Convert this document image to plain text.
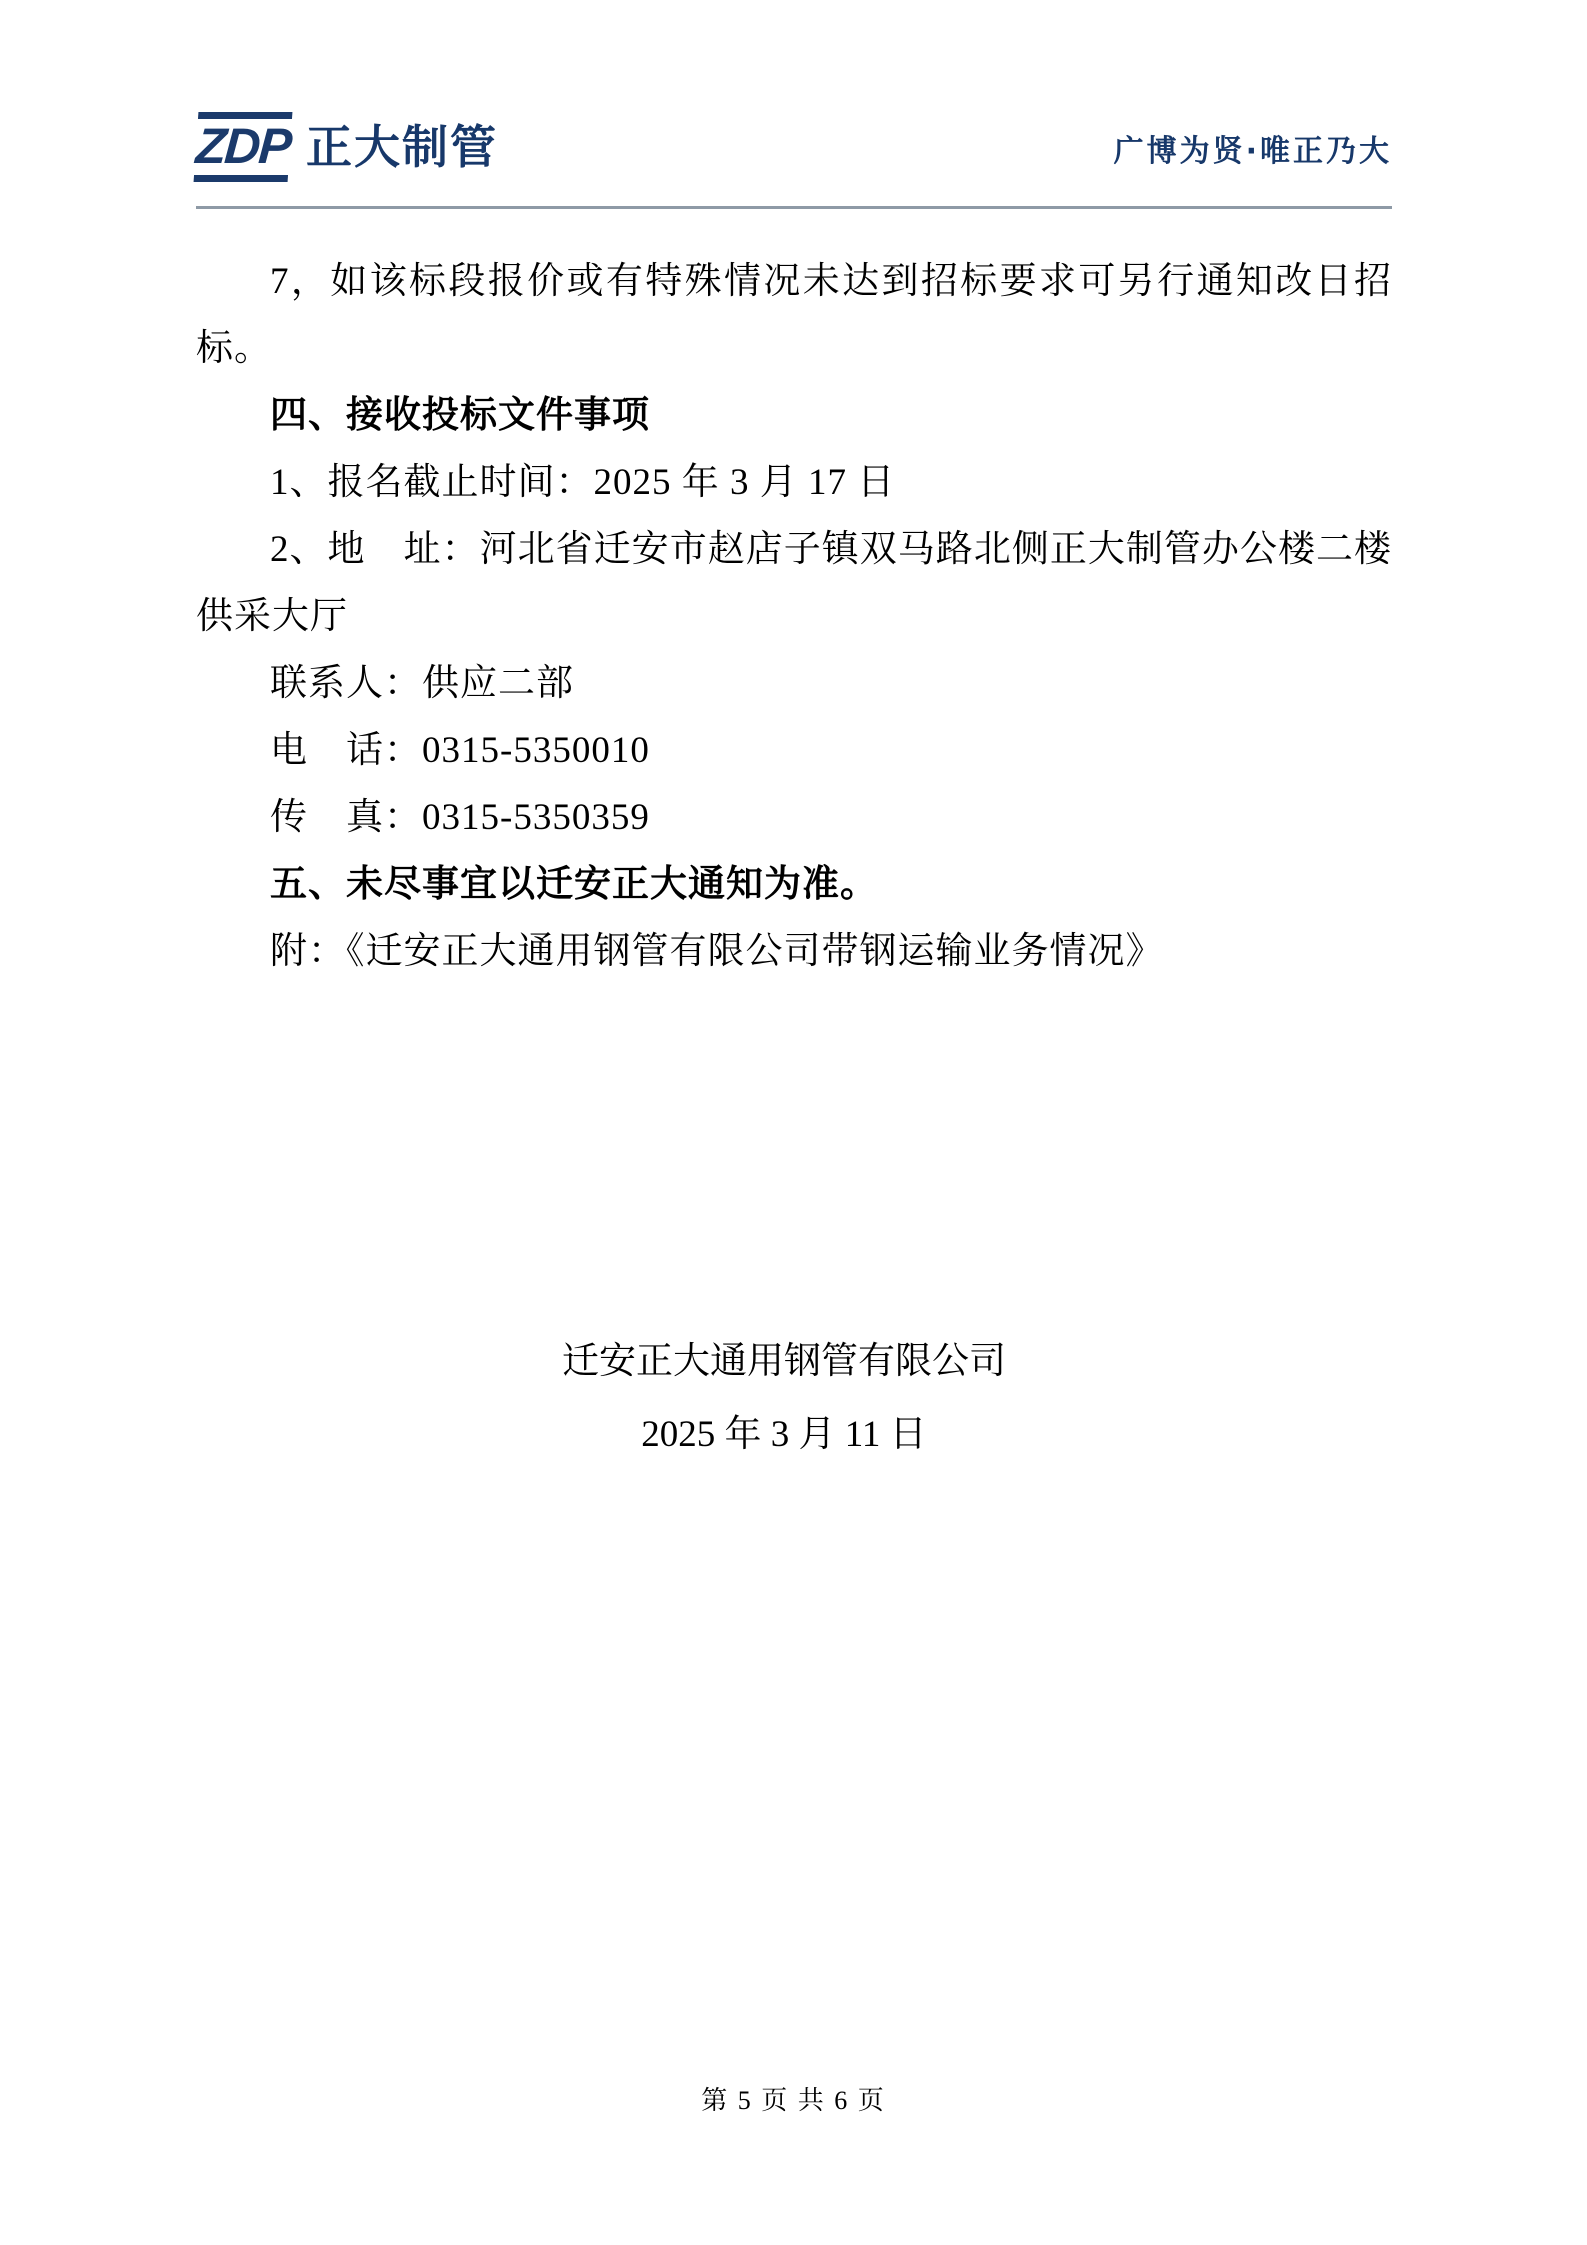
ZDP 正大制管	广博为贤·唯正乃大

7，如该标段报价或有特殊情况未达到招标要求可另行通知改日招标。

四、接收投标文件事项

1、报名截止时间：2025 年 3 月 17 日

2、地　址：河北省迁安市赵店子镇双马路北侧正大制管办公楼二楼供采大厅

联系人：供应二部

电　话：0315-5350010

传　真：0315-5350359

五、未尽事宜以迁安正大通知为准。

附：《迁安正大通用钢管有限公司带钢运输业务情况》

迁安正大通用钢管有限公司
2025 年 3 月 11 日
第 5 页 共 6 页
